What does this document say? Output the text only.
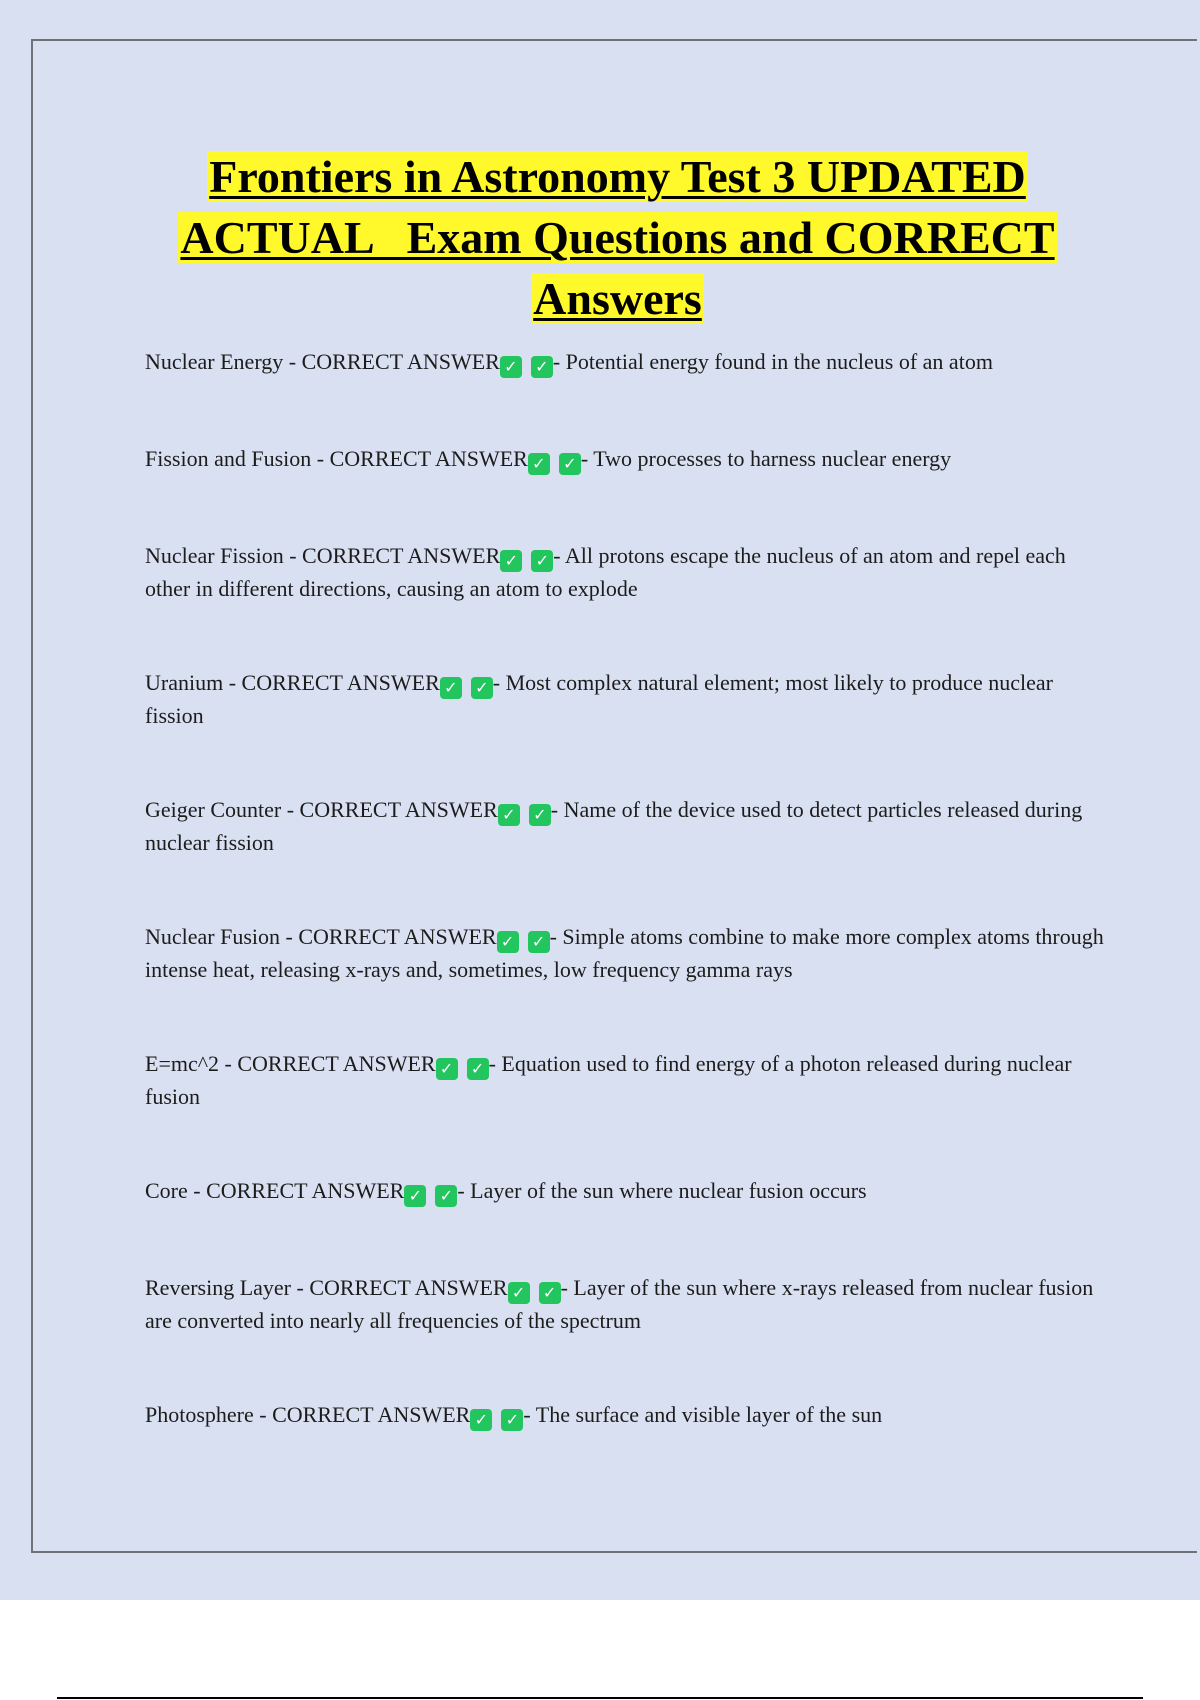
Frontiers in Astronomy Test 3 UPDATED
ACTUAL   Exam Questions and CORRECT
Answers
Nuclear Energy - CORRECT ANSWER ✓ ✓ - Potential energy found in the nucleus of an atom
Fission and Fusion - CORRECT ANSWER ✓ ✓ - Two processes to harness nuclear energy
Nuclear Fission - CORRECT ANSWER ✓ ✓ - All protons escape the nucleus of an atom and repel each other in different directions, causing an atom to explode
Uranium - CORRECT ANSWER ✓ ✓ - Most complex natural element; most likely to produce nuclear fission
Geiger Counter - CORRECT ANSWER ✓ ✓ - Name of the device used to detect particles released during nuclear fission
Nuclear Fusion - CORRECT ANSWER ✓ ✓ - Simple atoms combine to make more complex atoms through intense heat, releasing x-rays and, sometimes, low frequency gamma rays
E=mc^2 - CORRECT ANSWER ✓ ✓ - Equation used to find energy of a photon released during nuclear fusion
Core - CORRECT ANSWER ✓ ✓ - Layer of the sun where nuclear fusion occurs
Reversing Layer - CORRECT ANSWER ✓ ✓ - Layer of the sun where x-rays released from nuclear fusion are converted into nearly all frequencies of the spectrum
Photosphere - CORRECT ANSWER ✓ ✓ - The surface and visible layer of the sun
